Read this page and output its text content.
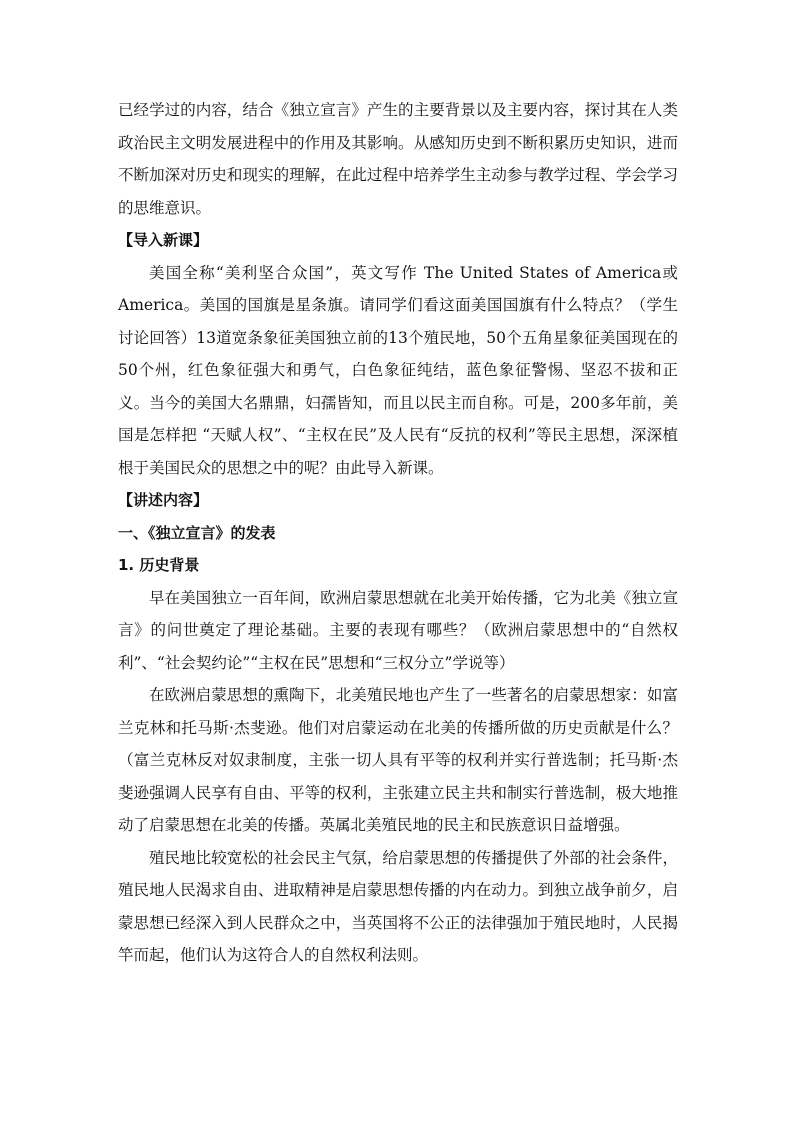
已经学过的内容，结合《独立宣言》产生的主要背景以及主要内容，探讨其在人类政治民主文明发展进程中的作用及其影响。从感知历史到不断积累历史知识，进而不断加深对历史和现实的理解，在此过程中培养学生主动参与教学过程、学会学习的思维意识。

【导入新课】

美国全称“美利坚合众国”，英文写作 The United States of America或America。美国的国旗是星条旗。请同学们看这面美国国旗有什么特点？（学生讨论回答）13道宽条象征美国独立前的13个殖民地，50个五角星象征美国现在的50个州，红色象征强大和勇气，白色象征纯结，蓝色象征警惕、坚忍不拔和正义。当今的美国大名鼎鼎，妇孺皆知，而且以民主而自称。可是，200多年前，美国是怎样把 “天赋人权”、“主权在民”及人民有“反抗的权利”等民主思想，深深植根于美国民众的思想之中的呢？由此导入新课。

【讲述内容】

一、《独立宣言》的发表

1. 历史背景

早在美国独立一百年间，欧洲启蒙思想就在北美开始传播，它为北美《独立宣言》的问世奠定了理论基础。主要的表现有哪些？（欧洲启蒙思想中的“自然权利”、“社会契约论”“主权在民”思想和“三权分立”学说等）

在欧洲启蒙思想的熏陶下，北美殖民地也产生了一些著名的启蒙思想家：如富兰克林和托马斯·杰斐逊。他们对启蒙运动在北美的传播所做的历史贡献是什么？（富兰克林反对奴隶制度，主张一切人具有平等的权利并实行普选制；托马斯·杰斐逊强调人民享有自由、平等的权利，主张建立民主共和制实行普选制，极大地推动了启蒙思想在北美的传播。英属北美殖民地的民主和民族意识日益增强。

殖民地比较宽松的社会民主气氛，给启蒙思想的传播提供了外部的社会条件，殖民地人民渴求自由、进取精神是启蒙思想传播的内在动力。到独立战争前夕，启蒙思想已经深入到人民群众之中，当英国将不公正的法律强加于殖民地时，人民揭竿而起，他们认为这符合人的自然权利法则。
